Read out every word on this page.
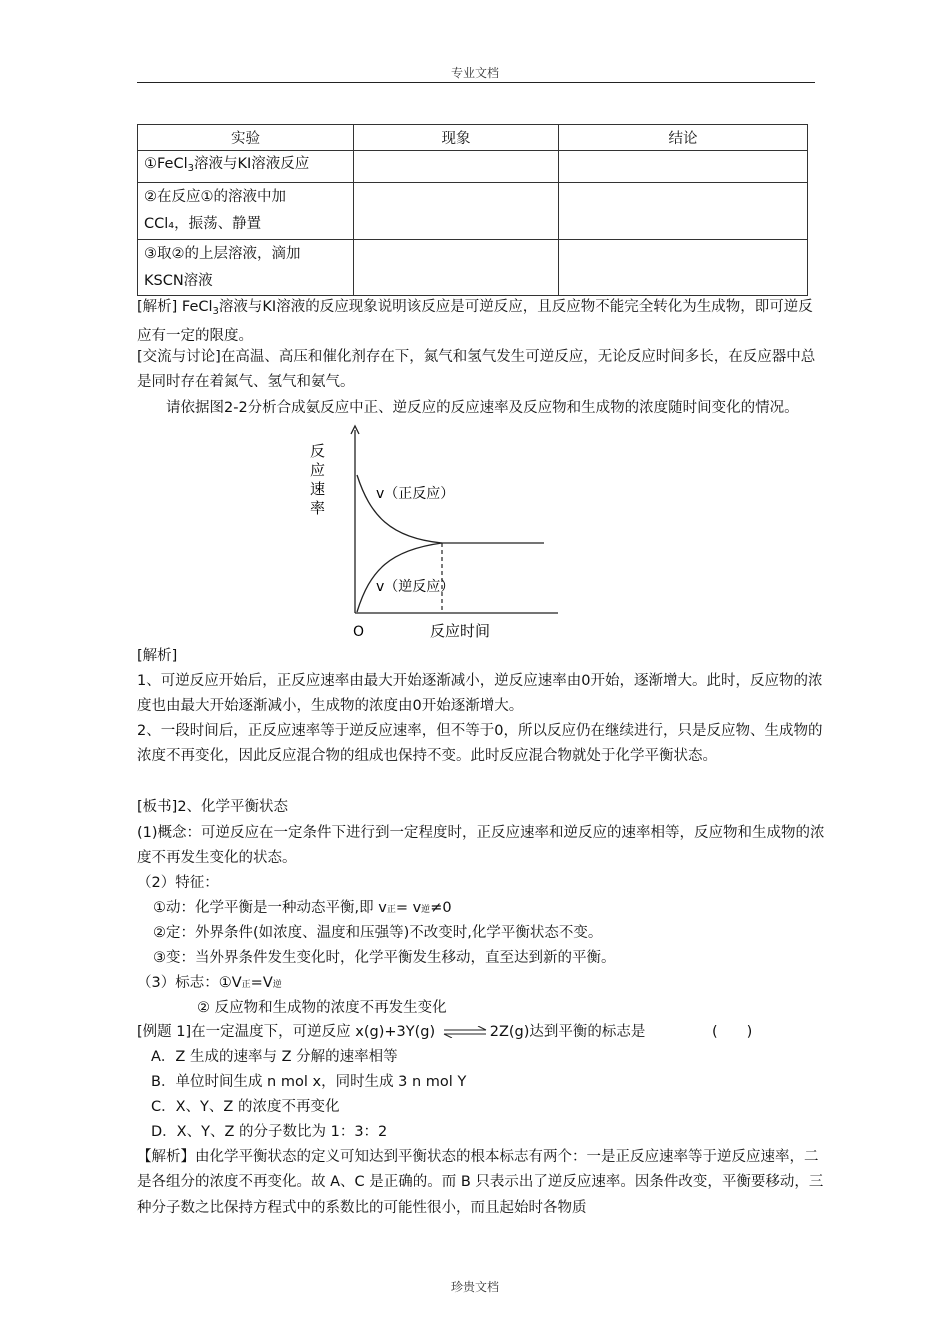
专业文档
实验	现象	结论
①FeCl$_3$溶液与KI溶液反应		

②在反应①的溶液中加
CCl₄，振荡、静置		

③取②的上层溶液，滴加
KSCN溶液		

[解析] FeCl$_3$溶液与KI溶液的反应现象说明该反应是可逆反应，且反应物不能完全转化为生成物，即可逆反应有一定的限度。
[交流与讨论]在高温、高压和催化剂存在下，氮气和氢气发生可逆反应，无论反应时间多长，在反应器中总是同时存在着氮气、氢气和氨气。
请依据图2-2分析合成氨反应中正、逆反应的反应速率及反应物和生成物的浓度随时间变化的情况。
反
应
速
率
v（正反应）
v（逆反应）
O	反应时间
[解析]
1、可逆反应开始后，正反应速率由最大开始逐渐减小，逆反应速率由0开始，逐渐增大。此时，反应物的浓度也由最大开始逐渐减小，生成物的浓度由0开始逐渐增大。
2、一段时间后，正反应速率等于逆反应速率，但不等于0，所以反应仍在继续进行，只是反应物、生成物的浓度不再变化，因此反应混合物的组成也保持不变。此时反应混合物就处于化学平衡状态。
[板书]2、化学平衡状态
(1)概念：可逆反应在一定条件下进行到一定程度时，正反应速率和逆反应的速率相等，反应物和生成物的浓度不再发生变化的状态。
（2）特征：
①动：化学平衡是一种动态平衡,即 v正= v逆≠0
②定：外界条件(如浓度、温度和压强等)不改变时,化学平衡状态不变。
③变：当外界条件发生变化时，化学平衡发生移动，直至达到新的平衡。
（3）标志：①V正=V逆
② 反应物和生成物的浓度不再发生变化
[例题 1]在一定温度下，可逆反应 x(g)+3Y(g) ⇌ 2Z(g)达到平衡的标志是	(　　)
A．Z 生成的速率与 Z 分解的速率相等
B．单位时间生成 n mol x，同时生成 3 n mol Y
C．X、Y、Z 的浓度不再变化
D．X、Y、Z 的分子数比为 1：3：2
【解析】由化学平衡状态的定义可知达到平衡状态的根本标志有两个：一是正反应速率等于逆反应速率，二是各组分的浓度不再变化。故 A、C 是正确的。而 B 只表示出了逆反应速率。因条件改变，平衡要移动，三种分子数之比保持方程式中的系数比的可能性很小，而且起始时各物质
珍贵文档
